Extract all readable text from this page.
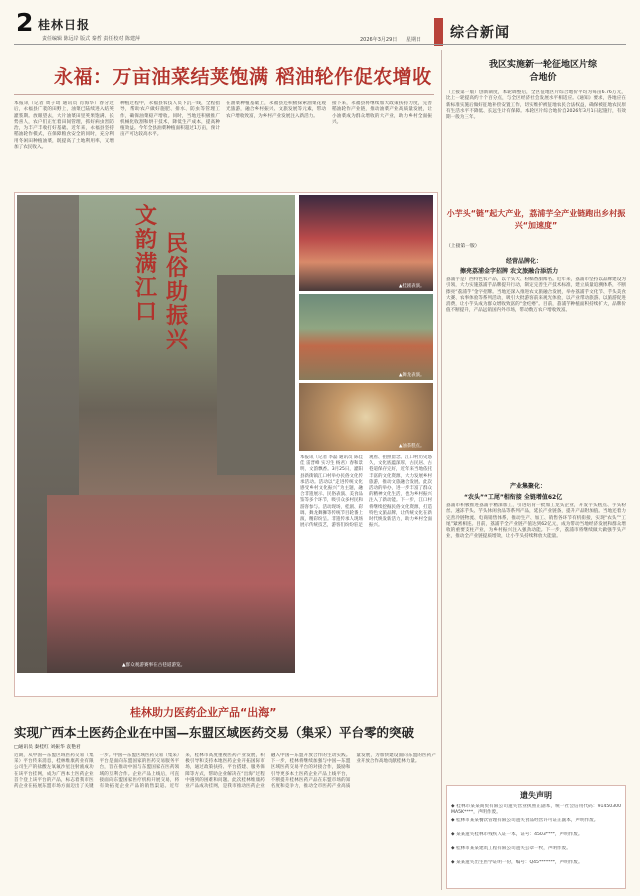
2 桂林日报
责任编辑 陈远岸 版式 秦哲 责任校对 陈建萍	2026年3月29日 星期日 综合新闻
永福：万亩油菜结荚饱满 稻油轮作促农增收
本报讯（记者 周子琦 通讯员 肖海华）春分过后，永福县广袤的田野上，油菜已陆续进入结荚灌浆期。放眼望去，大片油菜田里荚果饱满、长势喜人，农户们正忙着田间管理，抓好病虫害防治，为丰产丰收打好基础。近年来，永福县坚持稻油轮作模式，在保障粮食安全的同时，充分利用冬闲田种植油菜，既提高了土地利用率，又增加了农民收入。
种植过程中，永福县农技人员下沉一线，全程指导，帮助农户做好施肥、排水、防虫等管理工作，确保油菜稳产增收。同时，当地还积极推广机械化收割和烘干技术，降低生产成本，提高种植效益。今年全县油菜种植面积超过1万亩，预计亩产可达较高水平。
在油菜种植基础上，永福县还积极探索油菜花观光旅游，融合乡村振兴、文旅发展等元素，带动农户增收致富，为乡村产业发展注入新活力。
接下来，永福县将继续加大政策扶持力度，完善稻油轮作产业链，推动油菜产业高质量发展，让小油菜成为群众增收的大产业，助力乡村全面振兴。
▲群众观游赛事在古巷道游览。
文韵满江口
民俗助振兴
▲桂剧表演。
▲舞龙表演。
▲油茶糕点。
本报讯（记者 李磊 通讯员 陈佳佳 雷晋峰 实习生 杨君）春和景明，文韵飘香。3月25日，灌阳县新街镇江口村举办民俗文化传承活动。活动以“走进传统文化 感受乡村文化振兴”为主题，融合非遗展示、民俗表演、美食品鉴等多个环节，吸引众多村民和游客参与。活动现场，桂剧、彩调、舞龙舞狮等传统节目轮番上演，精彩纷呈。非遗传承人现场展示传统技艺，游客们纷纷驻足观看、拍照留念。江口村历史悠久，文化底蕴深厚，古民居、古巷道保存完好，近年来当地依托丰富的文化资源，大力发展乡村旅游，推动文旅融合发展。此次活动的举办，进一步丰富了群众的精神文化生活，也为乡村振兴注入了新动能。下一步，江口村将继续挖掘民俗文化资源，打造特色文旅品牌，让传统文化在新时代焕发新活力，助力乡村全面振兴。
桂林助力医药企业产品“出海”
实现广西本土医药企业在中国—东盟区域医药交易（集采）平台零的突破
□通讯员 秦桂红 刘振华 袁艳君
近期，从中国—东盟区域医药交易（集采）平台传来消息，桂林维康药业有限公司生产的盐酸左氧氟沙星注射液成功在该平台挂网，成为广西本土医药企业首个登上该平台的产品，标志着我市医药企业在拓展东盟市场方面迈出了关键一步。中国—东盟区域医药交易（集采）平台是面向东盟国家的医药交易服务平台，旨在推动中国与东盟国家在医药领域的互利合作。企业产品上线后，可直接面向东盟国家医疗机构开展交易，将有效拓宽企业产品的销售渠道。近年来，桂林市高度重视医药产业发展，积极引导和支持本地医药企业开拓国际市场，通过政策扶持、平台搭建、服务保障等方式，帮助企业解决在“出海”过程中遇到的困难和问题。此次桂林维康药业产品成功挂网，是我市推动医药企业融入中国—东盟开放合作的生动实践。下一步，桂林将继续加强与中国—东盟区域医药交易平台的对接合作，鼓励和引导更多本土医药企业产品上线平台，不断提升桂林医药产品在东盟市场的知名度和竞争力，推动全市医药产业高质量发展，为加快建设面向东盟的医药产业开放合作高地贡献桂林力量。
我区实施新一轮征地区片综合地价
（上接第一版）创新制度，本轮调整后，全区征地区片综合地价平均为每亩6.76万元，比上一轮提高约十个百分点，与全区经济社会发展水平相适应。《通知》要求，各地应在新标准实施后做好征地补偿安置工作，切实维护被征地农民合法权益，确保被征地农民原有生活水平不降低、长远生计有保障。本轮区片综合地价自2026年3月1日起施行，有效期一般为三年。
小芋头“链”起大产业，荔浦芋全产业链跑出乡村振兴“加速度”
（上接第一版）
经营品牌化：
擦亮荔浦金字招牌 农文旅融合添活力
荔浦芋是广西特色农产品，以个头大、粉糯香甜闻名。近年来，荔浦市坚持以品牌建设为引领，大力实施荔浦芋品牌提升行动，制定完善生产技术标准，建立质量追溯体系，不断擦亮“荔浦芋”金字招牌。当地还深入推进农文旅融合发展，举办荔浦芋文化节、芋头美食大赛、农事体验等系列活动，吸引大批游客前来观光体验，以产业带动旅游、以旅游促进消费，让小芋头成为群众增收致富的“金疙瘩”。目前，荔浦芋种植面积持续扩大，品牌价值不断提升，产品远销国内外市场，带动数万农户增收致富。
产业集聚化：
“农头”“工尾”相衔接 全链增值62亿
荔浦市积极推进荔浦芋精深加工，引进培育一批加工龙头企业，开发芋头糕点、芋头粉丝、速冻芋头、芋头休闲食品等系列产品，延长产业链条，提升产品附加值。当地还着力完善冷链物流、电商销售体系，推动生产、加工、销售各环节有机衔接，实现“农头”“工尾”紧密相连。目前，荔浦芋全产业链产值达到62亿元，成为带动当地经济发展和群众增收的重要支柱产业，为乡村振兴注入强劲动能。下一步，荔浦市将继续做大做强芋头产业，推动全产业链提质增效，让小芋头持续释放大能量。
遗失声明
◆ 桂林市某某商贸有限公司遗失营业执照正副本，统一社会信用代码：91450300MA5K****，声明作废。
◆ 桂林市某某餐饮管理有限公司遗失食品经营许可证正副本，声明作废。
◆ 某某遗失桂林市残疾人证一本，证号：4503****，声明作废。
◆ 桂林市某某建筑工程有限公司遗失公章一枚，声明作废。
◆ 某某遗失出生医学证明一份，编号：Q45*******，声明作废。
